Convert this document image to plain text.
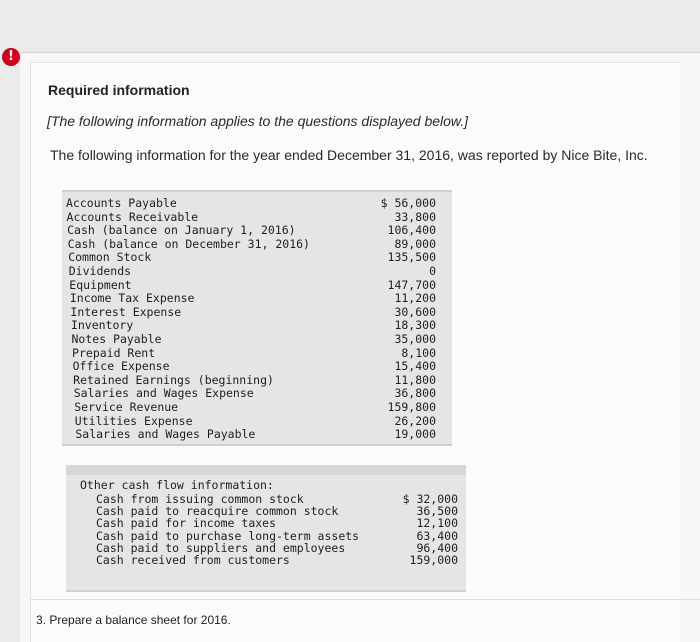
!
Required information
[The following information applies to the questions displayed below.]
The following information for the year ended December 31, 2016, was reported by Nice Bite, Inc.
Accounts Payable	$ 56,000
Accounts Receivable	33,800
Cash (balance on January 1, 2016)	106,400
Cash (balance on December 31, 2016)	89,000
Common Stock	135,500
Dividends	0
Equipment	147,700
Income Tax Expense	11,200
Interest Expense	30,600
Inventory	18,300
Notes Payable	35,000
Prepaid Rent	8,100
Office Expense	15,400
Retained Earnings (beginning)	11,800
Salaries and Wages Expense	36,800
Service Revenue	159,800
Utilities Expense	26,200
Salaries and Wages Payable	19,000
Other cash flow information:
Cash from issuing common stock	$ 32,000
Cash paid to reacquire common stock	36,500
Cash paid for income taxes	12,100
Cash paid to purchase long-term assets	63,400
Cash paid to suppliers and employees	96,400
Cash received from customers	159,000
3. Prepare a balance sheet for 2016.
